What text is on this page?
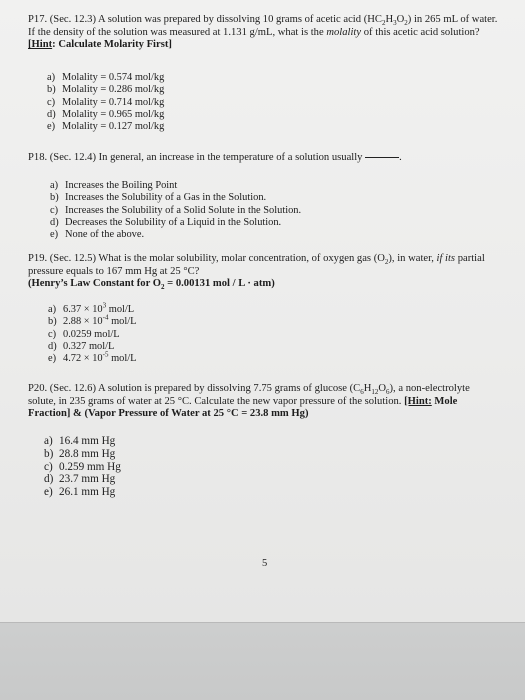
P17. (Sec. 12.3) A solution was prepared by dissolving 10 grams of acetic acid $(HC_2H_3O_2)$ in 265 mL of water. If the density of the solution was measured at 1.131 g/mL, what is the molality of this acetic acid solution? [Hint: Calculate Molarity First]

a) Molality = 0.574 mol/kg
b) Molality = 0.286 mol/kg
c) Molality = 0.714 mol/kg
d) Molality = 0.965 mol/kg
e) Molality = 0.127 mol/kg

P18. (Sec. 12.4) In general, an increase in the temperature of a solution usually	.

a) Increases the Boiling Point
b) Increases the Solubility of a Gas in the Solution.
c) Increases the Solubility of a Solid Solute in the Solution.
d) Decreases the Solubility of a Liquid in the Solution.
e) None of the above.

P19. (Sec. 12.5) What is the molar solubility, molar concentration, of oxygen gas $(O_2)$, in water, if its partial pressure equals to 167 mm Hg at 25 °C?
(Henry’s Law Constant for $O_2 = 0.00131$ mol / L · atm)

a) $6.37 \times 10^3$ mol/L
b) $2.88 \times 10^{-4}$ mol/L
c) 0.0259 mol/L
d) 0.327 mol/L
e) $4.72 \times 10^{-5}$ mol/L

P20. (Sec. 12.6) A solution is prepared by dissolving 7.75 grams of glucose $(C_6H_{12}O_6)$, a non-electrolyte solute, in 235 grams of water at 25 °C. Calculate the new vapor pressure of the solution. [Hint: Mole Fraction] & (Vapor Pressure of Water at 25 °C = 23.8 mm Hg)

a) 16.4 mm Hg
b) 28.8 mm Hg
c) 0.259 mm Hg
d) 23.7 mm Hg
e) 26.1 mm Hg
5
